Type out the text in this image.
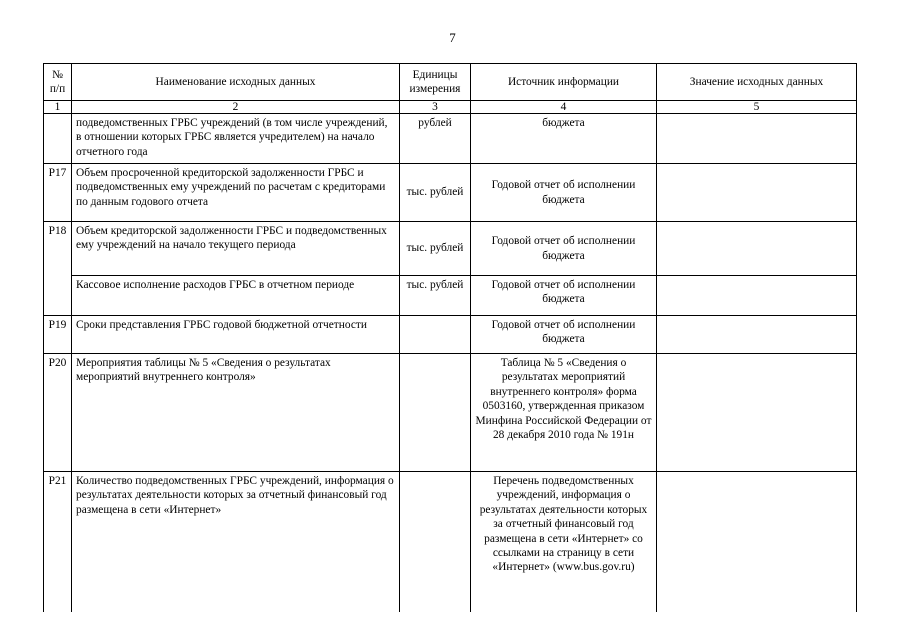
7
№ п/п	Наименование исходных данных	Единицы измерения	Источник информации	Значение исходных данных
1	2	3	4	5
	подведомственных ГРБС учреждений (в том числе учреждений, в отношении которых ГРБС является учредителем) на начало отчетного года	рублей	бюджета	
Р17	Объем просроченной кредиторской задолженности ГРБС и подведомственных ему учреждений по расчетам с кредиторами по данным годового отчета	тыс. рублей	Годовой отчет об исполнении бюджета	
Р18	Объем кредиторской задолженности ГРБС и подведомственных ему учреждений на начало текущего периода	тыс. рублей	Годовой отчет об исполнении бюджета	
	Кассовое исполнение расходов ГРБС в отчетном периоде	тыс. рублей	Годовой отчет об исполнении бюджета	
Р19	Сроки представления ГРБС годовой бюджетной отчетности		Годовой отчет об исполнении бюджета	
Р20	Мероприятия таблицы № 5 «Сведения о результатах мероприятий внутреннего контроля»		Таблица № 5 «Сведения о результатах мероприятий внутреннего контроля» форма 0503160, утвержденная приказом Минфина Российской Федерации от 28 декабря 2010 года № 191н	
Р21	Количество подведомственных ГРБС учреждений, информация о результатах деятельности которых за отчетный финансовый год размещена в сети «Интернет»		Перечень подведомственных учреждений, информация о результатах деятельности которых за отчетный финансовый год размещена в сети «Интернет» со ссылками на страницу в сети «Интернет» (www.bus.gov.ru)	
